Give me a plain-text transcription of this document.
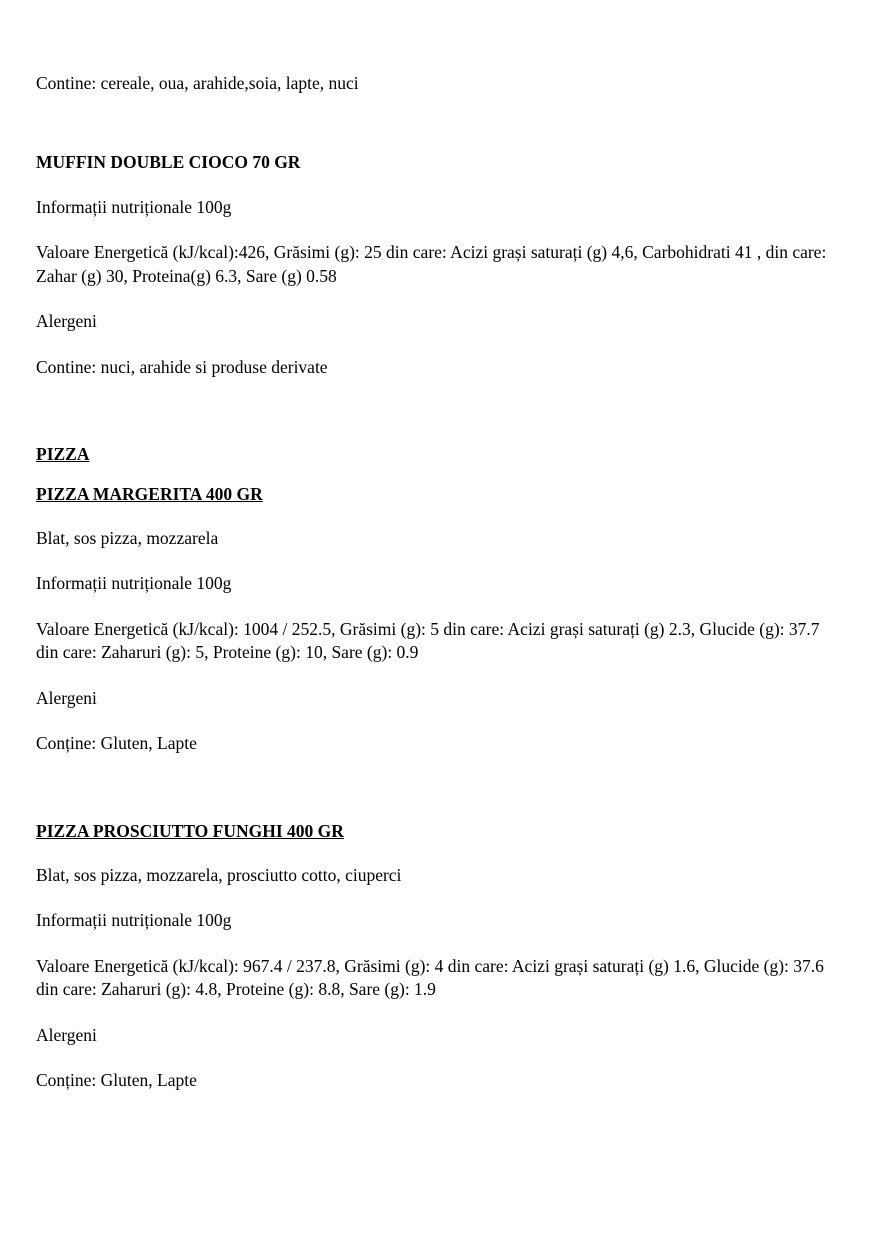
Contine: cereale, oua, arahide,soia, lapte, nuci

MUFFIN DOUBLE CIOCO 70 GR

Informații nutriționale 100g

Valoare Energetică (kJ/kcal):426, Grăsimi (g): 25 din care: Acizi grași saturați (g) 4,6, Carbohidrati 41 , din care: Zahar (g) 30, Proteina(g) 6.3, Sare (g) 0.58

Alergeni

Contine: nuci, arahide si produse derivate

PIZZA

PIZZA MARGERITA 400 GR

Blat, sos pizza, mozzarela

Informații nutriționale 100g

Valoare Energetică (kJ/kcal): 1004 / 252.5, Grăsimi (g): 5 din care: Acizi grași saturați (g) 2.3, Glucide (g): 37.7 din care: Zaharuri (g): 5, Proteine (g): 10, Sare (g): 0.9

Alergeni

Conține: Gluten, Lapte

PIZZA PROSCIUTTO FUNGHI 400 GR

Blat, sos pizza, mozzarela, prosciutto cotto, ciuperci

Informații nutriționale 100g

Valoare Energetică (kJ/kcal): 967.4 / 237.8, Grăsimi (g): 4 din care: Acizi grași saturați (g) 1.6, Glucide (g): 37.6 din care: Zaharuri (g): 4.8, Proteine (g): 8.8, Sare (g): 1.9

Alergeni

Conține: Gluten, Lapte
